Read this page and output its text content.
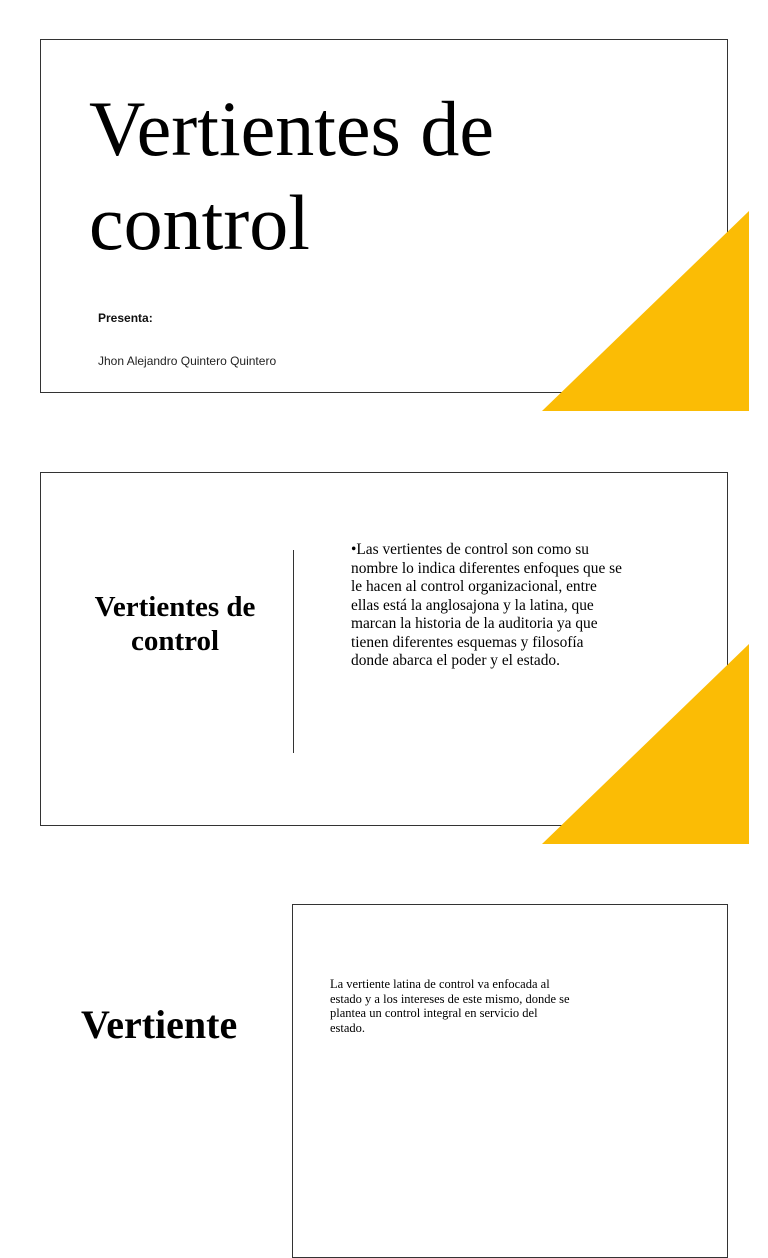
Vertientes de control
Presenta:
Jhon Alejandro Quintero Quintero
Vertientes de control

•Las vertientes de control son como su nombre lo indica diferentes enfoques que se le hacen al control organizacional, entre ellas está la anglosajona y la latina, que marcan la historia de la auditoria ya que tienen diferentes esquemas y filosofía donde abarca el poder y el estado.

Vertiente

La vertiente latina de control va enfocada al
estado y a los intereses de este mismo, donde se
plantea un control integral en servicio del
estado.
